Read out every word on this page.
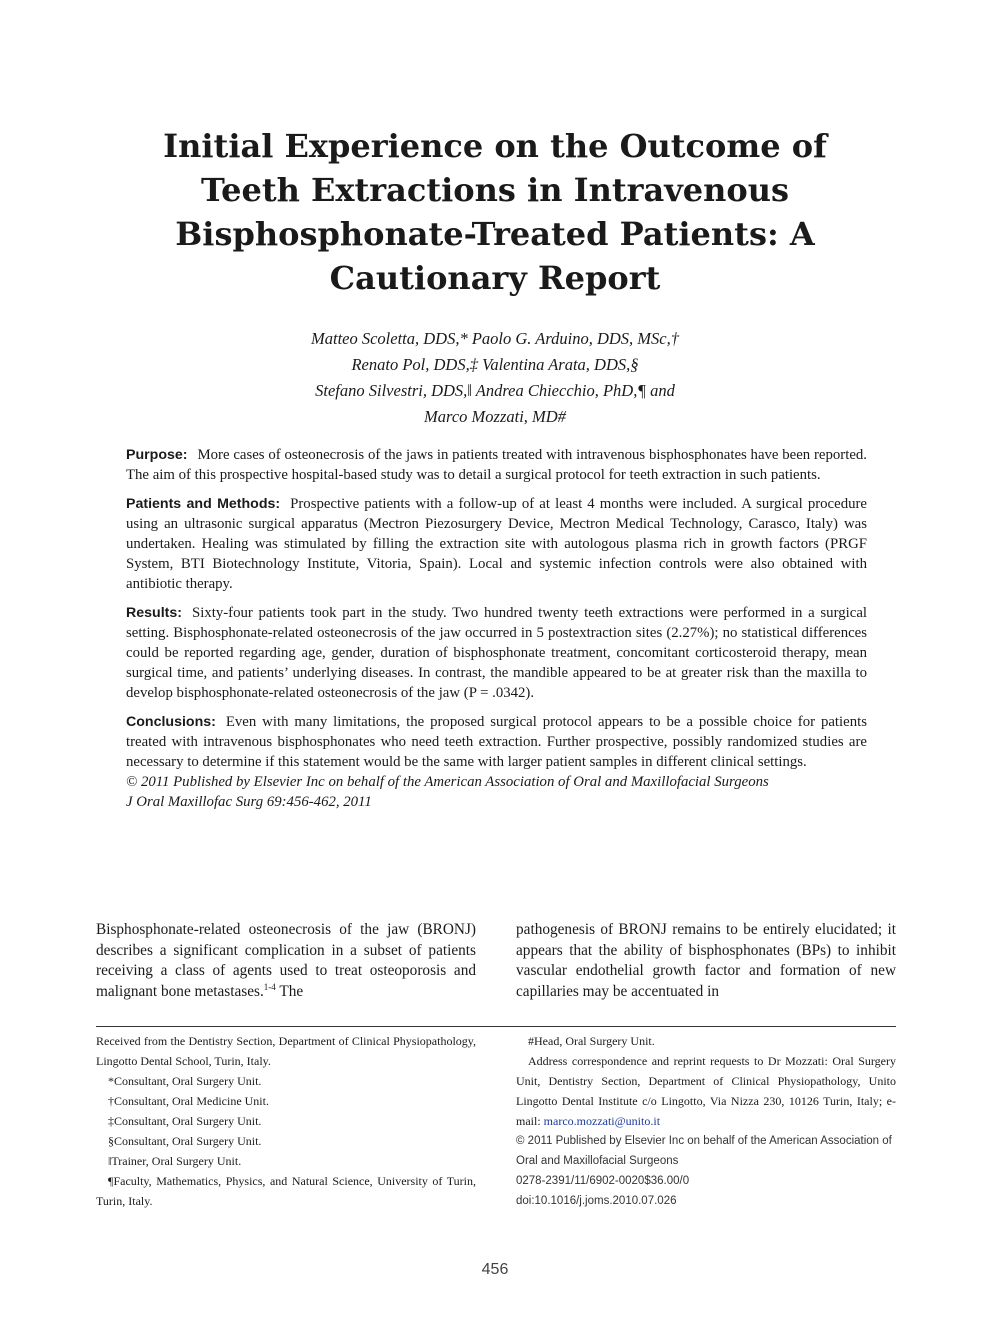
Initial Experience on the Outcome of Teeth Extractions in Intravenous Bisphosphonate-Treated Patients: A Cautionary Report
Matteo Scoletta, DDS,* Paolo G. Arduino, DDS, MSc,†
Renato Pol, DDS,‡ Valentina Arata, DDS,§
Stefano Silvestri, DDS,‖ Andrea Chiecchio, PhD,¶ and
Marco Mozzati, MD#

Purpose: More cases of osteonecrosis of the jaws in patients treated with intravenous bisphosphonates have been reported. The aim of this prospective hospital-based study was to detail a surgical protocol for teeth extraction in such patients.

Patients and Methods: Prospective patients with a follow-up of at least 4 months were included. A surgical procedure using an ultrasonic surgical apparatus (Mectron Piezosurgery Device, Mectron Medical Technology, Carasco, Italy) was undertaken. Healing was stimulated by filling the extraction site with autologous plasma rich in growth factors (PRGF System, BTI Biotechnology Institute, Vitoria, Spain). Local and systemic infection controls were also obtained with antibiotic therapy.

Results: Sixty-four patients took part in the study. Two hundred twenty teeth extractions were performed in a surgical setting. Bisphosphonate-related osteonecrosis of the jaw occurred in 5 postextraction sites (2.27%); no statistical differences could be reported regarding age, gender, duration of bisphosphonate treatment, concomitant corticosteroid therapy, mean surgical time, and patients’ underlying diseases. In contrast, the mandible appeared to be at greater risk than the maxilla to develop bisphosphonate-related osteonecrosis of the jaw (P = .0342).

Conclusions: Even with many limitations, the proposed surgical protocol appears to be a possible choice for patients treated with intravenous bisphosphonates who need teeth extraction. Further prospective, possibly randomized studies are necessary to determine if this statement would be the same with larger patient samples in different clinical settings.

© 2011 Published by Elsevier Inc on behalf of the American Association of Oral and Maxillofacial Surgeons

J Oral Maxillofac Surg 69:456-462, 2011

Bisphosphonate-related osteonecrosis of the jaw (BRONJ) describes a significant complication in a subset of patients receiving a class of agents used to treat osteoporosis and malignant bone metastases.$^{1-4}$ The

pathogenesis of BRONJ remains to be entirely elucidated; it appears that the ability of bisphosphonates (BPs) to inhibit vascular endothelial growth factor and formation of new capillaries may be accentuated in

Received from the Dentistry Section, Department of Clinical Physiopathology, Lingotto Dental School, Turin, Italy.

*Consultant, Oral Surgery Unit.

†Consultant, Oral Medicine Unit.

‡Consultant, Oral Surgery Unit.

§Consultant, Oral Surgery Unit.

‖Trainer, Oral Surgery Unit.

¶Faculty, Mathematics, Physics, and Natural Science, University of Turin, Turin, Italy.

#Head, Oral Surgery Unit.

Address correspondence and reprint requests to Dr Mozzati: Oral Surgery Unit, Dentistry Section, Department of Clinical Physiopathology, Unito Lingotto Dental Institute c/o Lingotto, Via Nizza 230, 10126 Turin, Italy; e-mail: marco.mozzati@unito.it

© 2011 Published by Elsevier Inc on behalf of the American Association of Oral and Maxillofacial Surgeons

0278-2391/11/6902-0020$36.00/0

doi:10.1016/j.joms.2010.07.026

456
